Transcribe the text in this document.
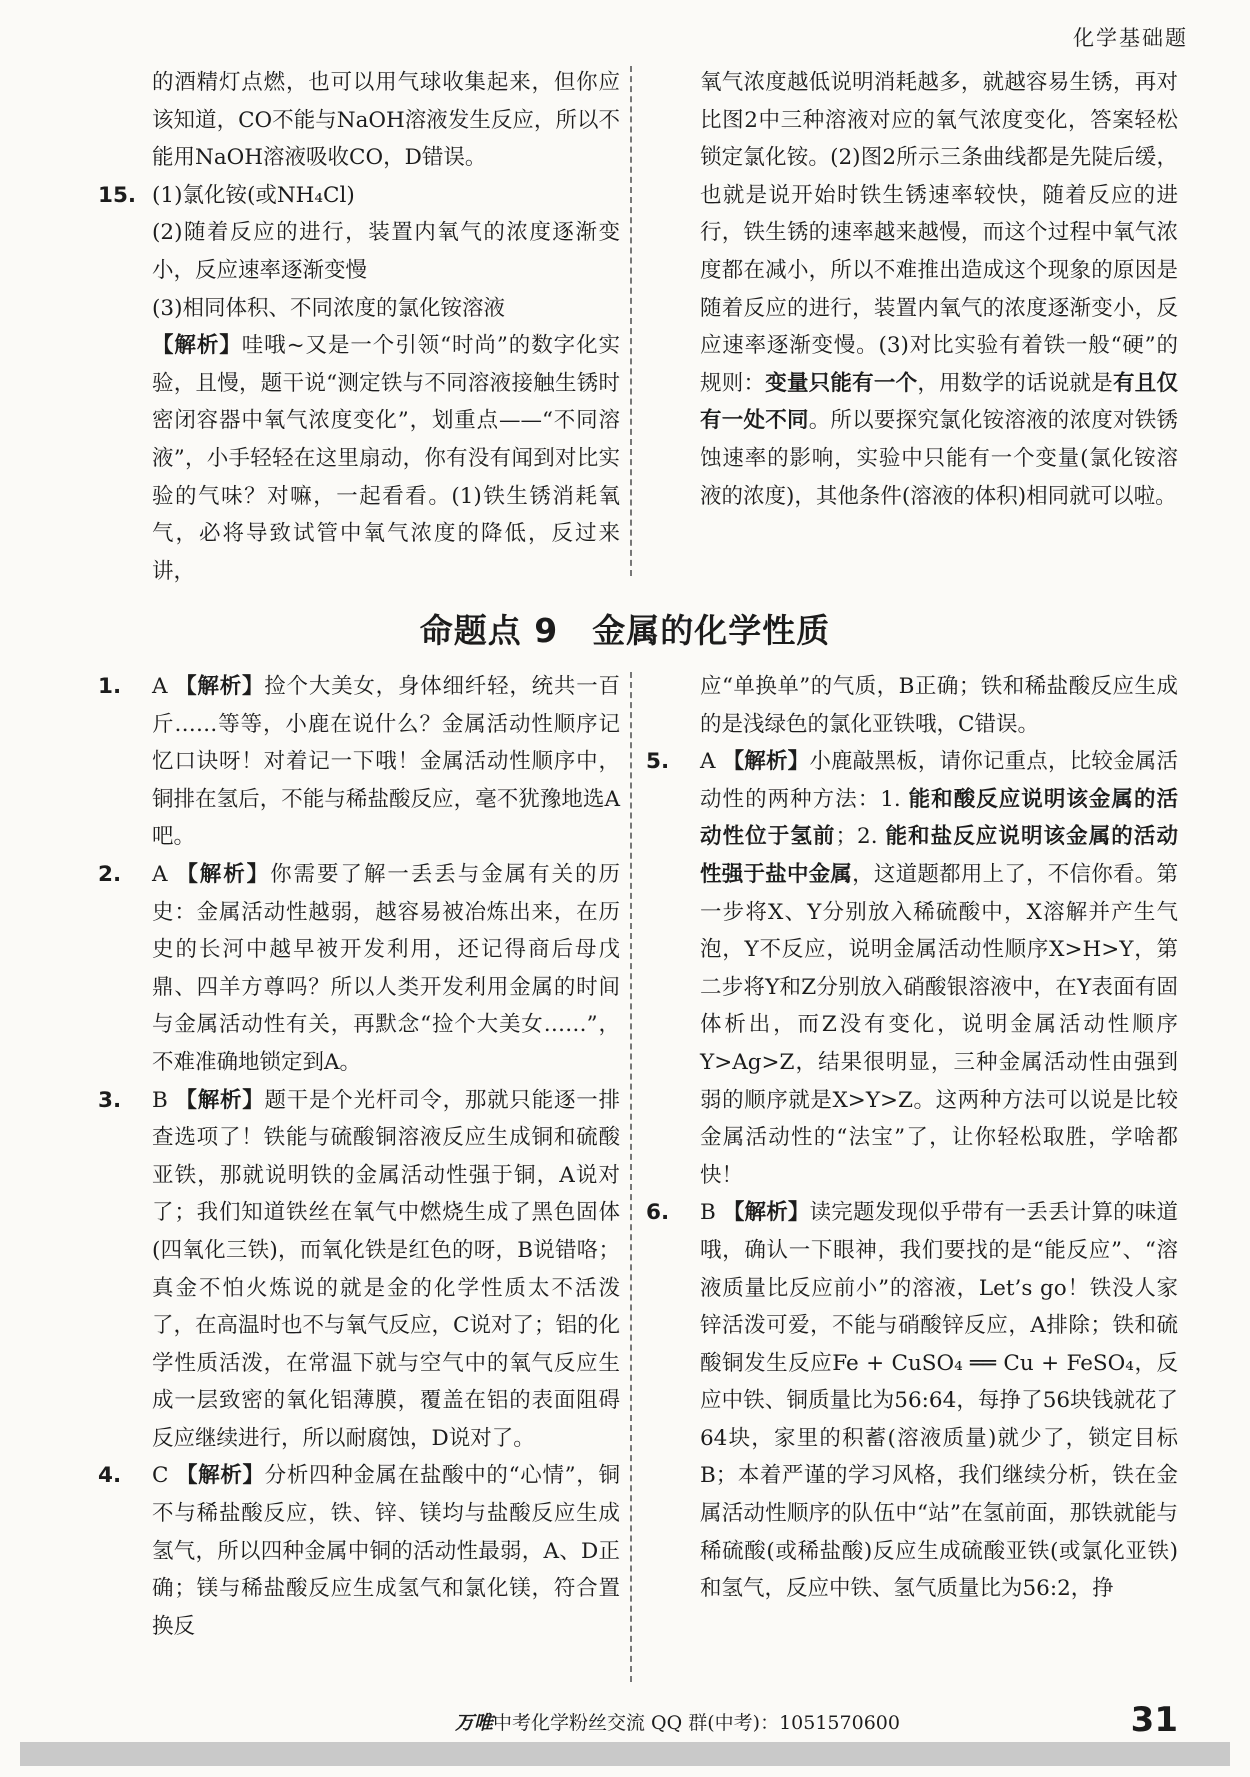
化学基础题

的酒精灯点燃，也可以用气球收集起来，但你应该知道，CO不能与NaOH溶液发生反应，所以不能用NaOH溶液吸收CO，D错误。

15. (1)氯化铵(或NH₄Cl)

(2)随着反应的进行，装置内氧气的浓度逐渐变小，反应速率逐渐变慢

(3)相同体积、不同浓度的氯化铵溶液

【解析】哇哦~又是一个引领“时尚”的数字化实验，且慢，题干说“测定铁与不同溶液接触生锈时密闭容器中氧气浓度变化”，划重点——“不同溶液”，小手轻轻在这里扇动，你有没有闻到对比实验的气味？对嘛，一起看看。(1)铁生锈消耗氧气，必将导致试管中氧气浓度的降低，反过来讲，

氧气浓度越低说明消耗越多，就越容易生锈，再对比图2中三种溶液对应的氧气浓度变化，答案轻松锁定氯化铵。(2)图2所示三条曲线都是先陡后缓，也就是说开始时铁生锈速率较快，随着反应的进行，铁生锈的速率越来越慢，而这个过程中氧气浓度都在减小，所以不难推出造成这个现象的原因是随着反应的进行，装置内氧气的浓度逐渐变小，反应速率逐渐变慢。(3)对比实验有着铁一般“硬”的规则：变量只能有一个，用数学的话说就是有且仅有一处不同。所以要探究氯化铵溶液的浓度对铁锈蚀速率的影响，实验中只能有一个变量(氯化铵溶液的浓度)，其他条件(溶液的体积)相同就可以啦。

命题点 9　金属的化学性质
1. A 【解析】捡个大美女，身体细纤轻，统共一百斤……等等，小鹿在说什么？金属活动性顺序记忆口诀呀！对着记一下哦！金属活动性顺序中，铜排在氢后，不能与稀盐酸反应，毫不犹豫地选A吧。

2. A 【解析】你需要了解一丢丢与金属有关的历史：金属活动性越弱，越容易被冶炼出来，在历史的长河中越早被开发利用，还记得商后母戊鼎、四羊方尊吗？所以人类开发利用金属的时间与金属活动性有关，再默念“捡个大美女……”，不难准确地锁定到A。

3. B 【解析】题干是个光杆司令，那就只能逐一排查选项了！铁能与硫酸铜溶液反应生成铜和硫酸亚铁，那就说明铁的金属活动性强于铜，A说对了；我们知道铁丝在氧气中燃烧生成了黑色固体(四氧化三铁)，而氧化铁是红色的呀，B说错咯；真金不怕火炼说的就是金的化学性质太不活泼了，在高温时也不与氧气反应，C说对了；铝的化学性质活泼，在常温下就与空气中的氧气反应生成一层致密的氧化铝薄膜，覆盖在铝的表面阻碍反应继续进行，所以耐腐蚀，D说对了。

4. C 【解析】分析四种金属在盐酸中的“心情”，铜不与稀盐酸反应，铁、锌、镁均与盐酸反应生成氢气，所以四种金属中铜的活动性最弱，A、D正确；镁与稀盐酸反应生成氢气和氯化镁，符合置换反

应“单换单”的气质，B正确；铁和稀盐酸反应生成的是浅绿色的氯化亚铁哦，C错误。

5. A 【解析】小鹿敲黑板，请你记重点，比较金属活动性的两种方法：1. 能和酸反应说明该金属的活动性位于氢前；2. 能和盐反应说明该金属的活动性强于盐中金属，这道题都用上了，不信你看。第一步将X、Y分别放入稀硫酸中，X溶解并产生气泡，Y不反应，说明金属活动性顺序X>H>Y，第二步将Y和Z分别放入硝酸银溶液中，在Y表面有固体析出，而Z没有变化，说明金属活动性顺序Y>Ag>Z，结果很明显，三种金属活动性由强到弱的顺序就是X>Y>Z。这两种方法可以说是比较金属活动性的“法宝”了，让你轻松取胜，学啥都快！

6. B 【解析】读完题发现似乎带有一丢丢计算的味道哦，确认一下眼神，我们要找的是“能反应”、“溶液质量比反应前小”的溶液，Let’s go！铁没人家锌活泼可爱，不能与硝酸锌反应，A排除；铁和硫酸铜发生反应Fe + CuSO₄ ══ Cu + FeSO₄，反应中铁、铜质量比为56:64，每挣了56块钱就花了64块，家里的积蓄(溶液质量)就少了，锁定目标B；本着严谨的学习风格，我们继续分析，铁在金属活动性顺序的队伍中“站”在氢前面，那铁就能与稀硫酸(或稀盐酸)反应生成硫酸亚铁(或氯化亚铁)和氢气，反应中铁、氢气质量比为56:2，挣

万唯中考化学粉丝交流 QQ 群(中考)：1051570600	31
